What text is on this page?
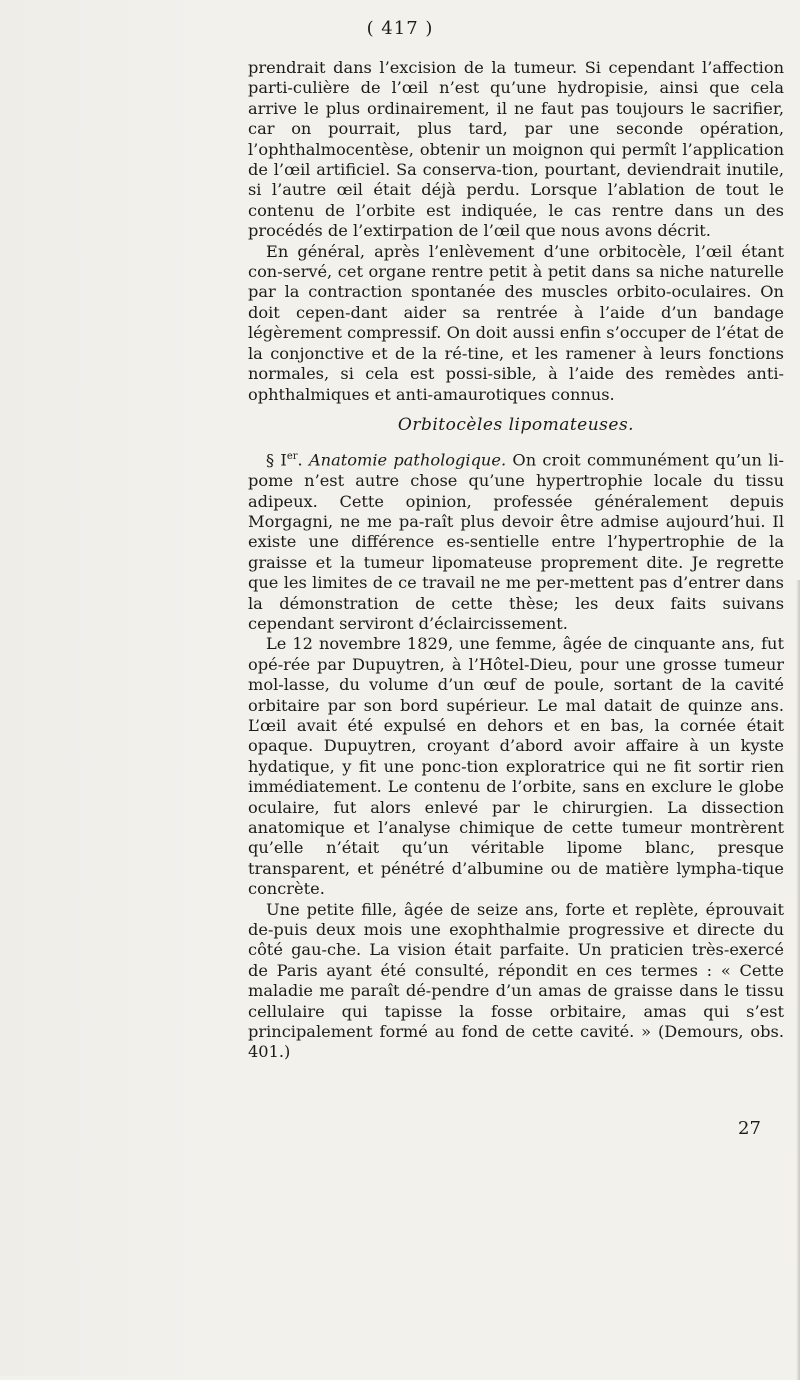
( 417 )

prendrait dans l’excision de la tumeur. Si cependant l’affection parti-culière de l’œil n’est qu’une hydropisie, ainsi que cela arrive le plus ordinairement, il ne faut pas toujours le sacrifier, car on pourrait, plus tard, par une seconde opération, l’ophthalmocentèse, obtenir un moignon qui permît l’application de l’œil artificiel. Sa conserva-tion, pourtant, deviendrait inutile, si l’autre œil était déjà perdu. Lorsque l’ablation de tout le contenu de l’orbite est indiquée, le cas rentre dans un des procédés de l’extirpation de l’œil que nous avons décrit.

En général, après l’enlèvement d’une orbitocèle, l’œil étant con-servé, cet organe rentre petit à petit dans sa niche naturelle par la contraction spontanée des muscles orbito-oculaires. On doit cepen-dant aider sa rentrée à l’aide d’un bandage légèrement compressif. On doit aussi enfin s’occuper de l’état de la conjonctive et de la ré-tine, et les ramener à leurs fonctions normales, si cela est possi-sible, à l’aide des remèdes anti-ophthalmiques et anti-amaurotiques connus.

Orbitocèles lipomateuses.

§ Ier. Anatomie pathologique. On croit communément qu’un li-pome n’est autre chose qu’une hypertrophie locale du tissu adipeux. Cette opinion, professée généralement depuis Morgagni, ne me pa-raît plus devoir être admise aujourd’hui. Il existe une différence es-sentielle entre l’hypertrophie de la graisse et la tumeur lipomateuse proprement dite. Je regrette que les limites de ce travail ne me per-mettent pas d’entrer dans la démonstration de cette thèse; les deux faits suivans cependant serviront d’éclaircissement.

Le 12 novembre 1829, une femme, âgée de cinquante ans, fut opé-rée par Dupuytren, à l’Hôtel-Dieu, pour une grosse tumeur mol-lasse, du volume d’un œuf de poule, sortant de la cavité orbitaire par son bord supérieur. Le mal datait de quinze ans. L’œil avait été expulsé en dehors et en bas, la cornée était opaque. Dupuytren, croyant d’abord avoir affaire à un kyste hydatique, y fit une ponc-tion exploratrice qui ne fit sortir rien immédiatement. Le contenu de l’orbite, sans en exclure le globe oculaire, fut alors enlevé par le chirurgien. La dissection anatomique et l’analyse chimique de cette tumeur montrèrent qu’elle n’était qu’un véritable lipome blanc, presque transparent, et pénétré d’albumine ou de matière lympha-tique concrète.

Une petite fille, âgée de seize ans, forte et replète, éprouvait de-puis deux mois une exophthalmie progressive et directe du côté gau-che. La vision était parfaite. Un praticien très-exercé de Paris ayant été consulté, répondit en ces termes : « Cette maladie me paraît dé-pendre d’un amas de graisse dans le tissu cellulaire qui tapisse la fosse orbitaire, amas qui s’est principalement formé au fond de cette cavité. » (Demours, obs. 401.)

27
